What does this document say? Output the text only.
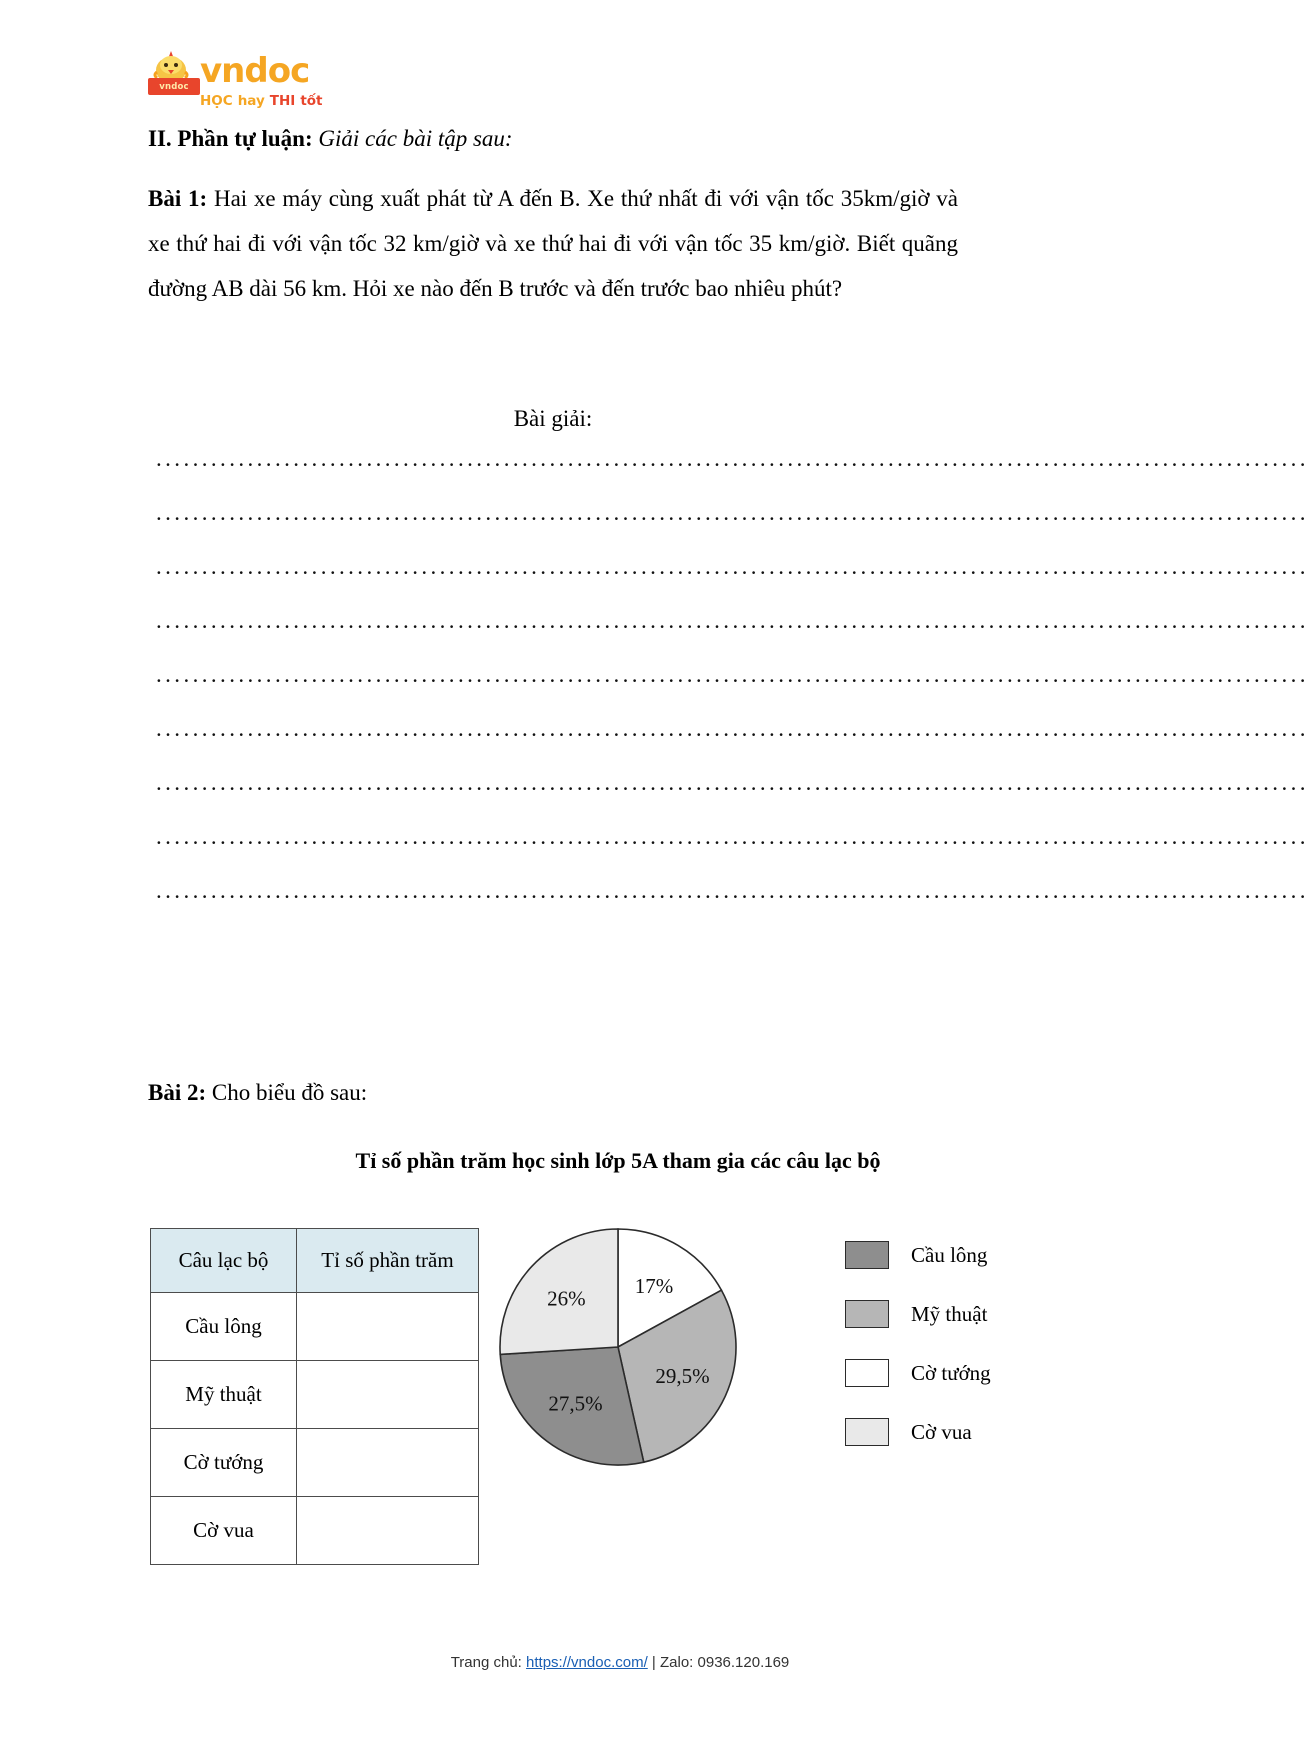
vndoc vndoc
HỌC hay THI tốt
II. Phần tự luận: Giải các bài tập sau:
Bài 1: Hai xe máy cùng xuất phát từ A đến B. Xe thứ nhất đi với vận tốc 35km/giờ và xe thứ hai đi với vận tốc 32 km/giờ và xe thứ hai đi với vận tốc 35 km/giờ. Biết quãng đường AB dài 56 km. Hỏi xe nào đến B trước và đến trước bao nhiêu phút?
Bài giải:
..............................................................................................................................
..............................................................................................................................
..............................................................................................................................
..............................................................................................................................
..............................................................................................................................
..............................................................................................................................
..............................................................................................................................
..............................................................................................................................
..............................................................................................................................
Bài 2: Cho biểu đồ sau:
Tỉ số phần trăm học sinh lớp 5A tham gia các câu lạc bộ
Câu lạc bộ	Tỉ số phần trăm
Cầu lông	
Mỹ thuật	
Cờ tướng	
Cờ vua	
17%
29,5%
27,5%
26%
Cầu lông
Mỹ thuật
Cờ tướng
Cờ vua
Trang chủ: https://vndoc.com/ | Zalo: 0936.120.169
